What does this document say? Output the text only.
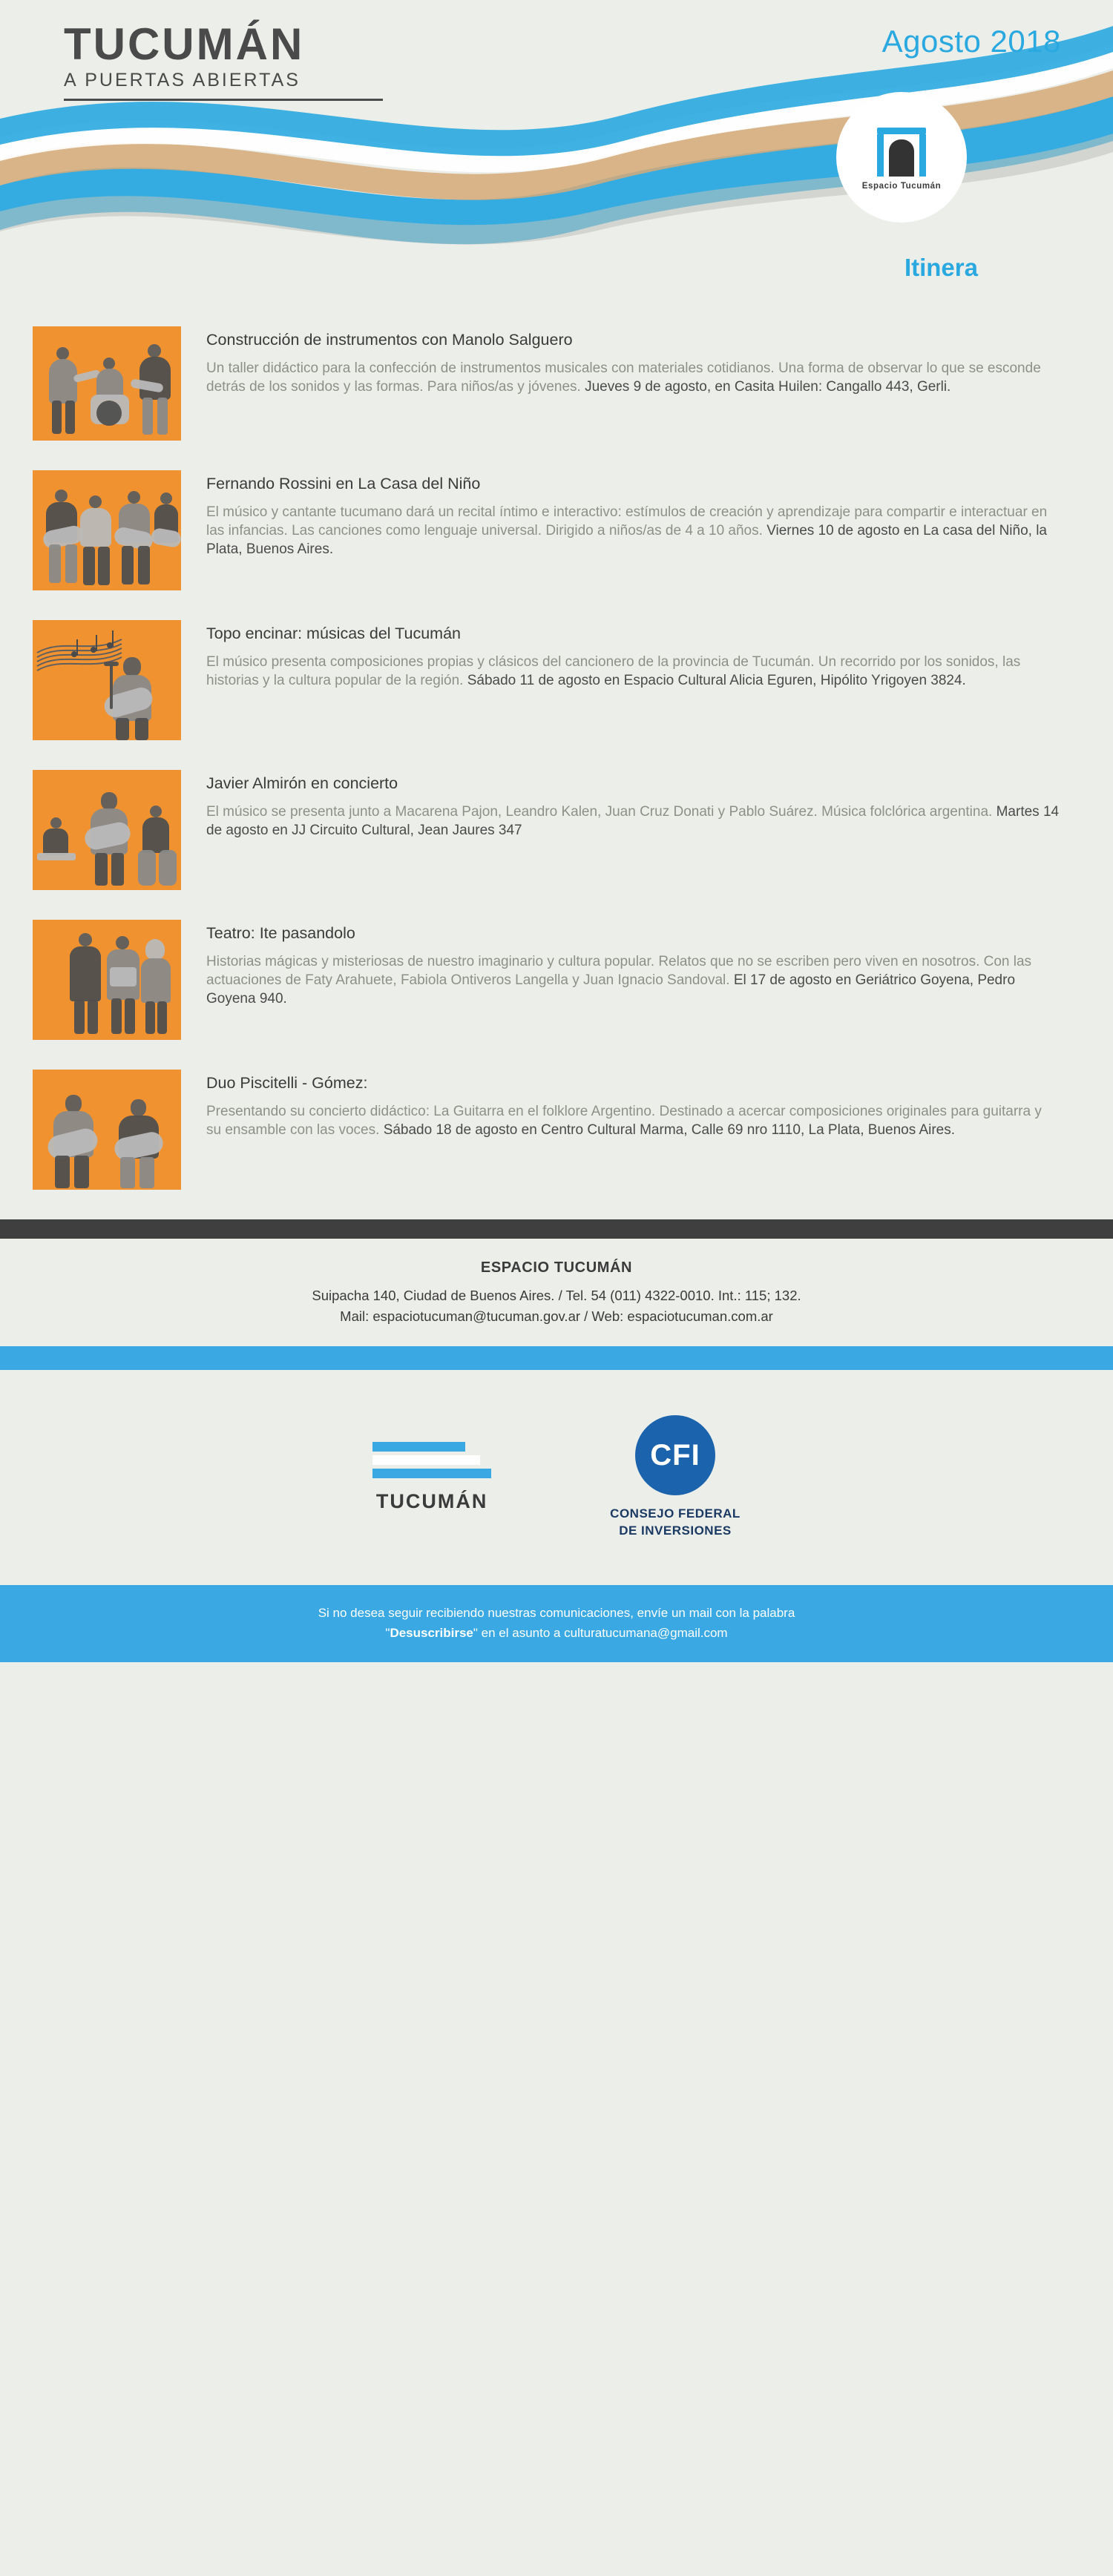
TUCUMÁN
A PUERTAS ABIERTAS
Agosto 2018
Espacio Tucumán
Itinera
Construcción de instrumentos con Manolo Salguero
Un taller didáctico para la confección de instrumentos musicales con materiales cotidianos. Una forma de observar lo que se esconde detrás de los sonidos y las formas. Para niños/as y jóvenes. Jueves 9 de agosto, en Casita Huilen: Cangallo 443, Gerli.
Fernando Rossini en La Casa del Niño
El músico y cantante tucumano dará un recital íntimo e interactivo: estímulos de creación y aprendizaje para compartir e interactuar en las infancias. Las canciones como lenguaje universal. Dirigido a niños/as de 4 a 10 años. Viernes 10 de agosto en La casa del Niño, la Plata, Buenos Aires.
Topo encinar: músicas del Tucumán
El músico presenta composiciones propias y clásicos del cancionero de la provincia de Tucumán. Un recorrido por los sonidos, las historias y la cultura popular de la región. Sábado 11 de agosto en Espacio Cultural Alicia Eguren, Hipólito Yrigoyen 3824.
Javier Almirón en concierto
El músico se presenta junto a Macarena Pajon, Leandro Kalen, Juan Cruz Donati y Pablo Suárez. Música folclórica argentina. Martes 14 de agosto en JJ Circuito Cultural, Jean Jaures 347
Teatro: Ite pasandolo
Historias mágicas y misteriosas de nuestro imaginario y cultura popular. Relatos que no se escriben pero viven en nosotros. Con las actuaciones de Faty Arahuete, Fabiola Ontiveros Langella y Juan Ignacio Sandoval. El 17 de agosto en Geriátrico Goyena, Pedro Goyena 940.
Duo Piscitelli - Gómez:
Presentando su concierto didáctico: La Guitarra en el folklore Argentino. Destinado a acercar composiciones originales para guitarra y su ensamble con las voces. Sábado 18 de agosto en Centro Cultural Marma, Calle 69 nro 1110, La Plata, Buenos Aires.
ESPACIO TUCUMÁN
Suipacha 140, Ciudad de Buenos Aires. / Tel. 54 (011) 4322-0010. Int.: 115; 132.
Mail: espaciotucuman@tucuman.gov.ar / Web: espaciotucuman.com.ar
TUCUMÁN
CFI
CONSEJO FEDERAL
DE INVERSIONES
Si no desea seguir recibiendo nuestras comunicaciones, envíe un mail con la palabra
"Desuscribirse" en el asunto a culturatucumana@gmail.com
